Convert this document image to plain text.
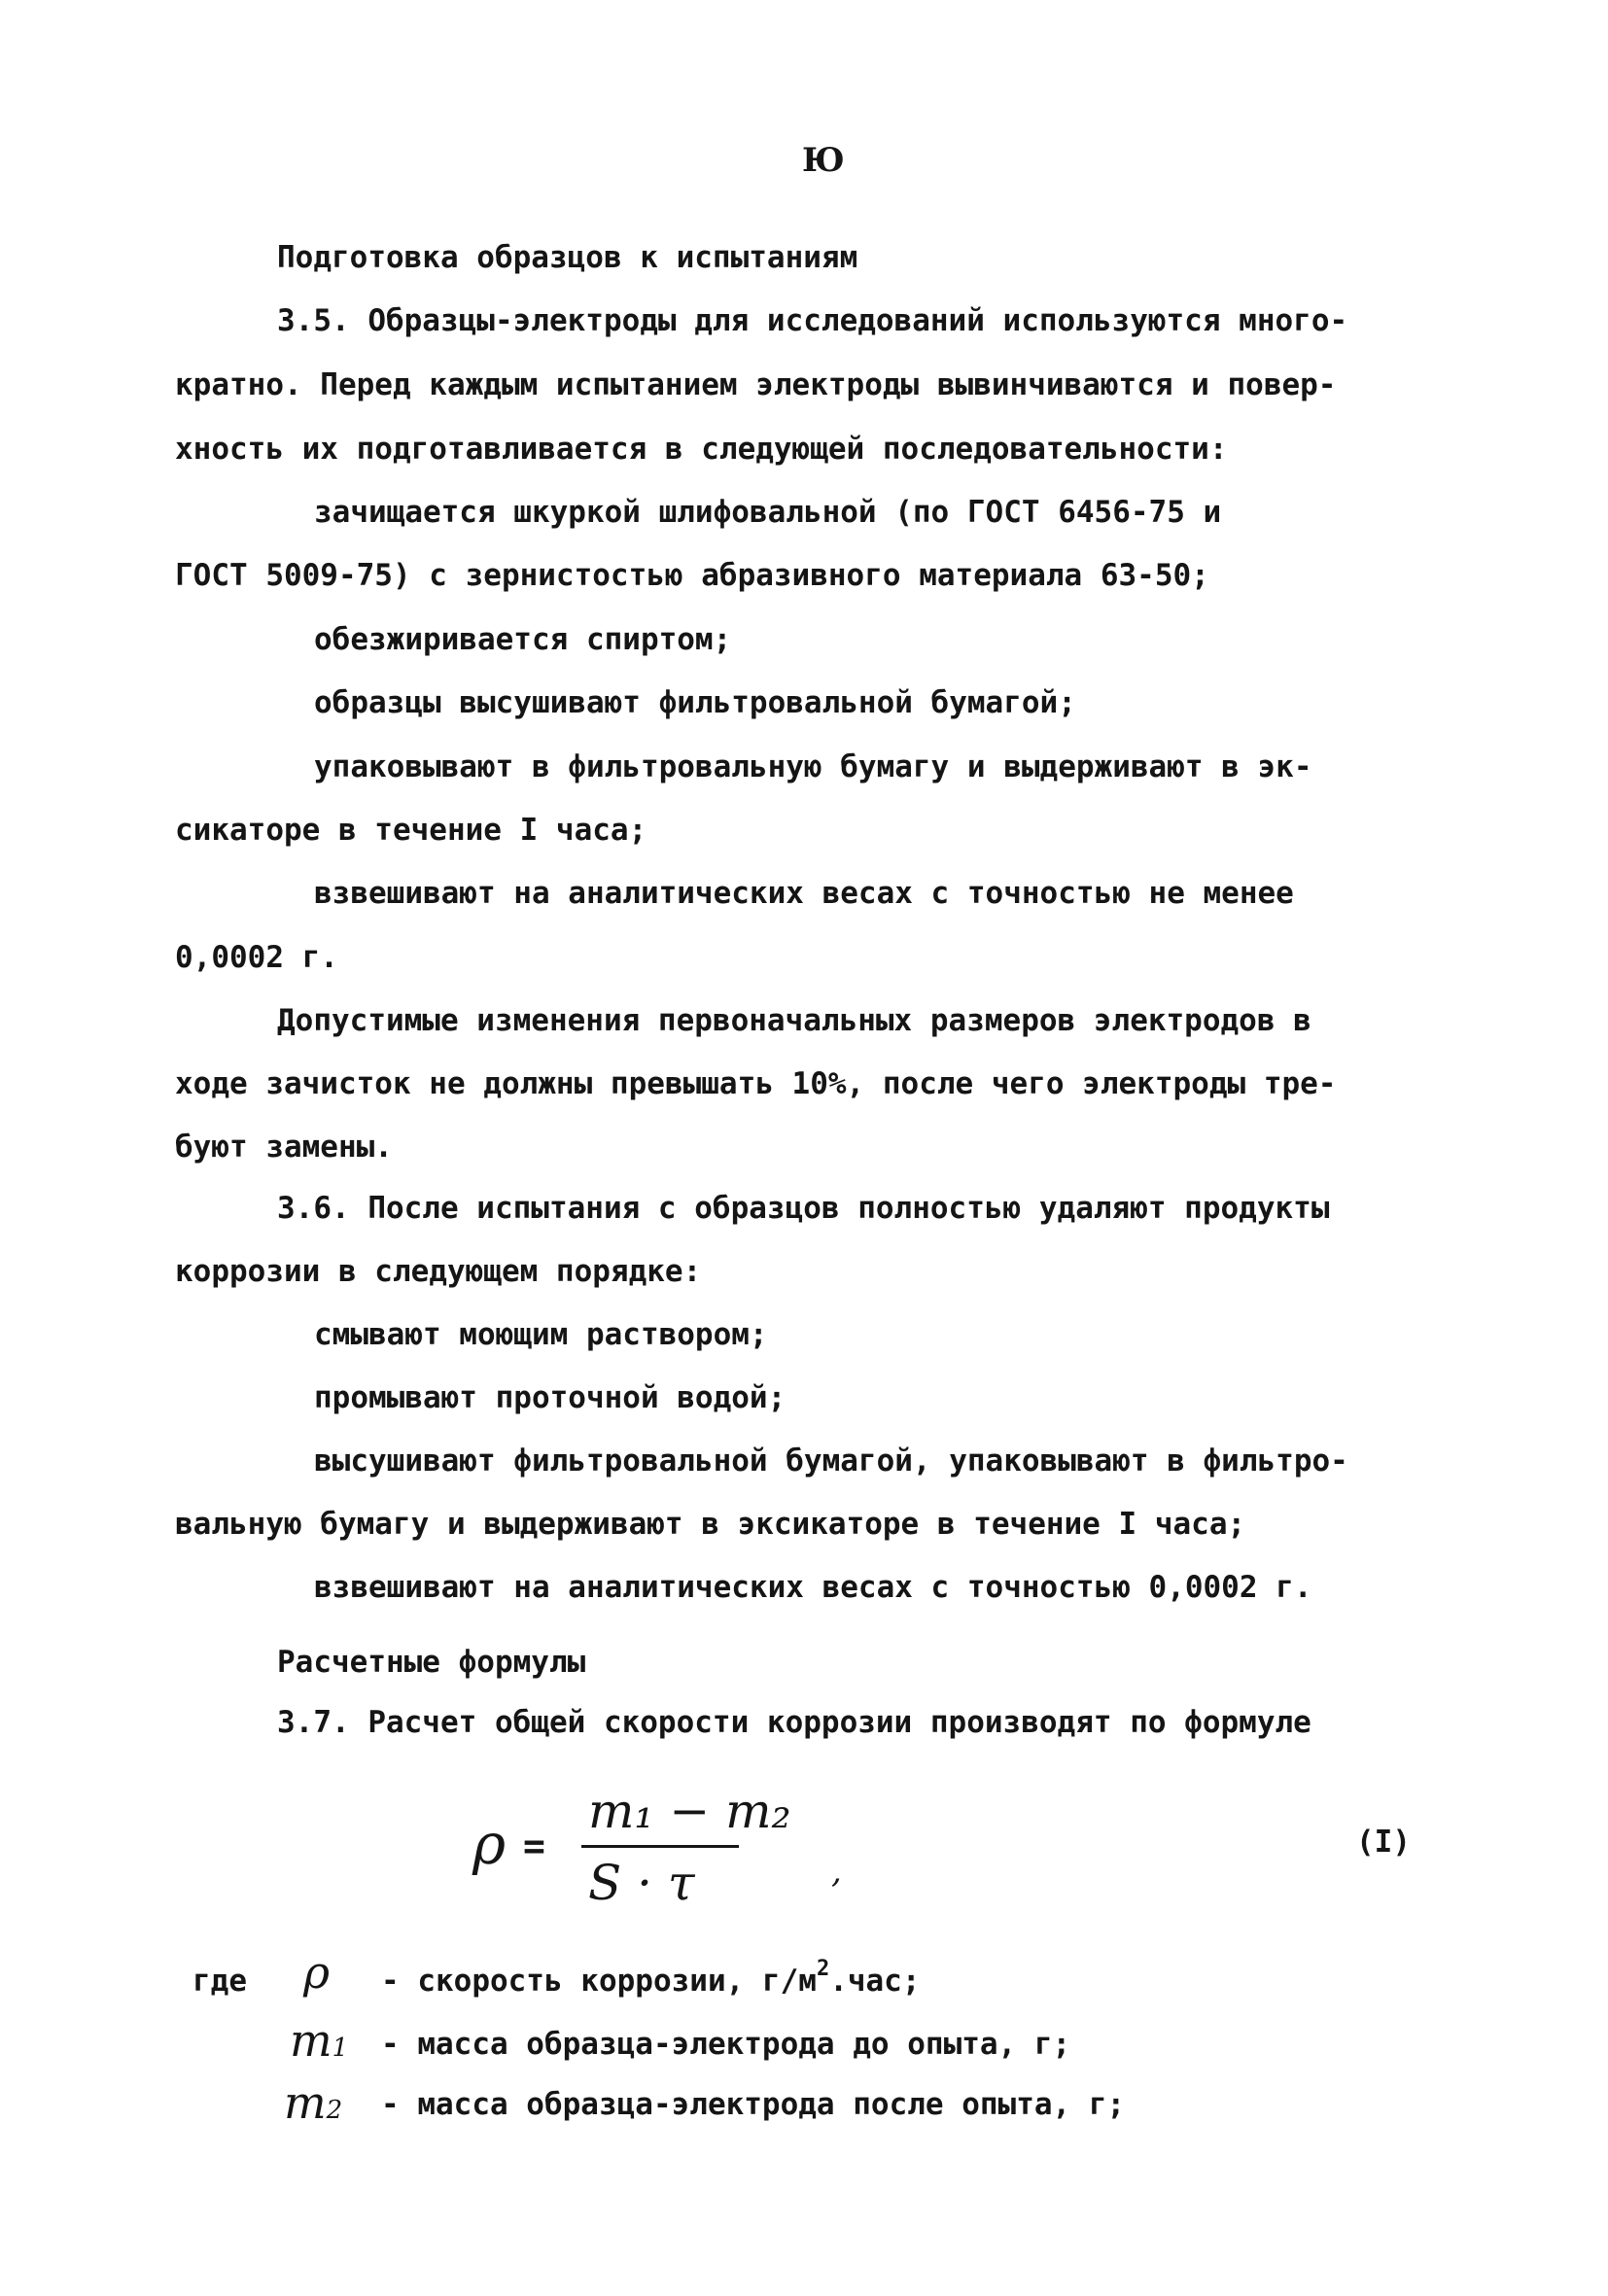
Ю
Подготовка образцов к испытаниям
3.5. Образцы-электроды для исследований используются много-
кратно. Перед каждым испытанием электроды вывинчиваются и повер-
хность их подготавливается в следующей последовательности:
зачищается шкуркой шлифовальной (по ГОСТ 6456-75 и
ГОСТ 5009-75) с зернистостью абразивного материала 63-50;
обезжиривается спиртом;
образцы высушивают фильтровальной бумагой;
упаковывают в фильтровальную бумагу и выдерживают в эк-
сикаторе в течение I часа;
взвешивают на аналитических весах с точностью не менее
0,0002 г.
Допустимые изменения первоначальных размеров электродов в
ходе зачисток не должны превышать 10%, после чего электроды тре-
буют замены.
3.6. После испытания с образцов полностью удаляют продукты
коррозии в следующем порядке:
смывают моющим раствором;
промывают проточной водой;
высушивают фильтровальной бумагой, упаковывают в фильтро-
вальную бумагу и выдерживают в эксикаторе в течение I часа;
взвешивают на аналитических весах с точностью 0,0002 г.
Расчетные формулы
3.7. Расчет общей скорости коррозии производят по формуле
ρ =
m₁ − m₂
S · τ	,
(I)
где ρ - скорость коррозии, $г/м^2.час$;
m1 - масса образца-электрода до опыта, г;
m2 - масса образца-электрода после опыта, г;
